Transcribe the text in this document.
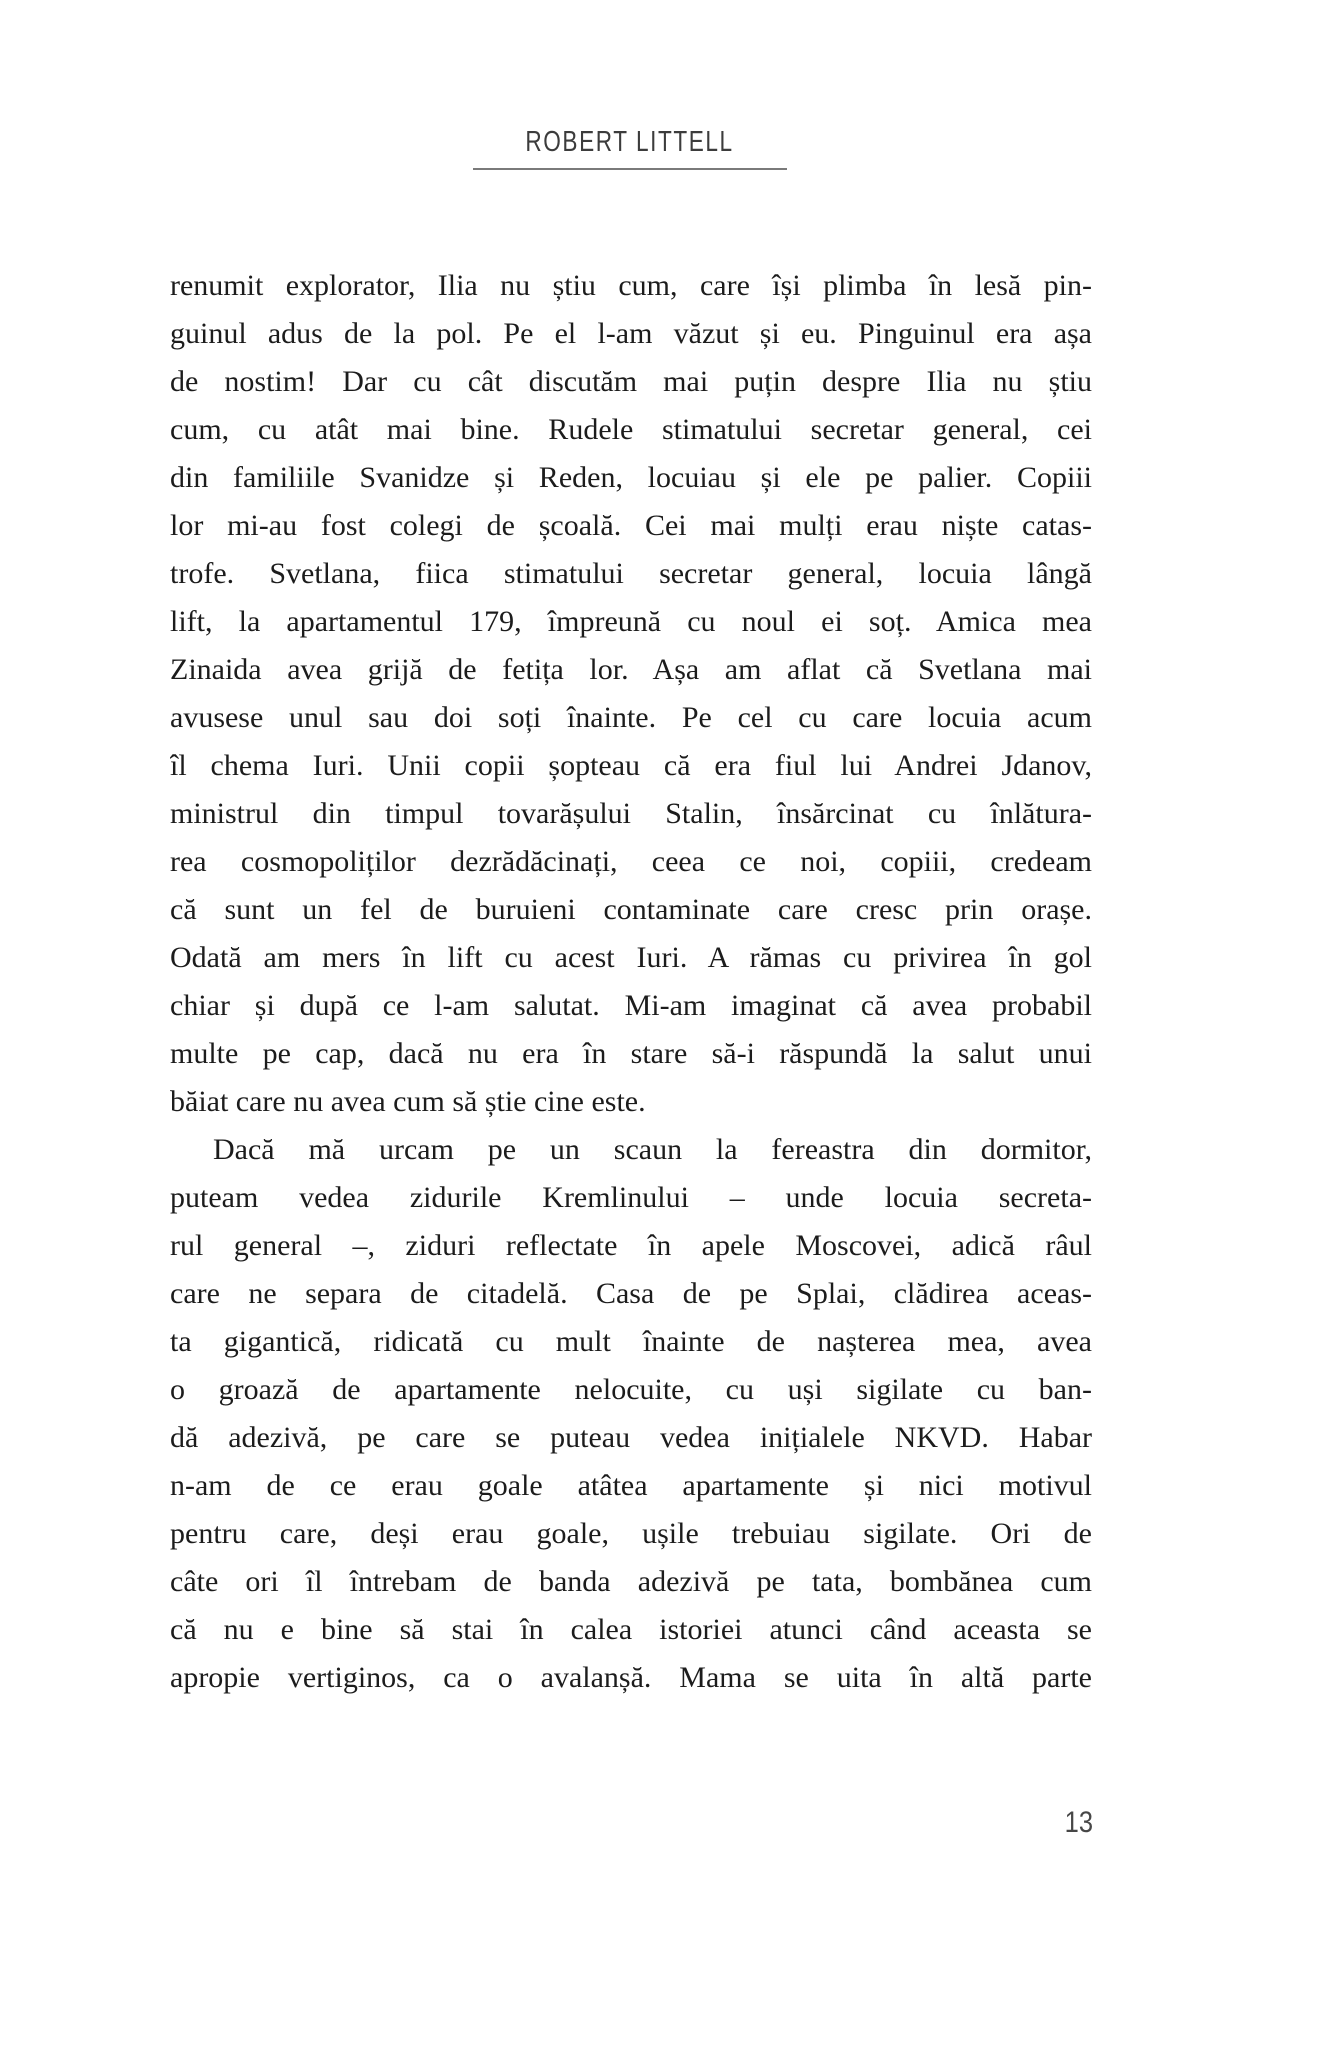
ROBERT LITTELL
renumit explorator, Ilia nu știu cum, care își plimba în lesă pin-
guinul adus de la pol. Pe el l-am văzut și eu. Pinguinul era așa
de nostim! Dar cu cât discutăm mai puțin despre Ilia nu știu
cum, cu atât mai bine. Rudele stimatului secretar general, cei
din familiile Svanidze și Reden, locuiau și ele pe palier. Copiii
lor mi-au fost colegi de școală. Cei mai mulți erau niște catas-
trofe. Svetlana, fiica stimatului secretar general, locuia lângă
lift, la apartamentul 179, împreună cu noul ei soț. Amica mea
Zinaida avea grijă de fetița lor. Așa am aflat că Svetlana mai
avusese unul sau doi soți înainte. Pe cel cu care locuia acum
îl chema Iuri. Unii copii șopteau că era fiul lui Andrei Jdanov,
ministrul din timpul tovarășului Stalin, însărcinat cu înlătura-
rea cosmopoliților dezrădăcinați, ceea ce noi, copiii, credeam
că sunt un fel de buruieni contaminate care cresc prin orașe.
Odată am mers în lift cu acest Iuri. A rămas cu privirea în gol
chiar și după ce l-am salutat. Mi-am imaginat că avea probabil
multe pe cap, dacă nu era în stare să-i răspundă la salut unui
băiat care nu avea cum să știe cine este.
Dacă mă urcam pe un scaun la fereastra din dormitor,
puteam vedea zidurile Kremlinului – unde locuia secreta-
rul general –, ziduri reflectate în apele Moscovei, adică râul
care ne separa de citadelă. Casa de pe Splai, clădirea aceas-
ta gigantică, ridicată cu mult înainte de nașterea mea, avea
o groază de apartamente nelocuite, cu uși sigilate cu ban-
dă adezivă, pe care se puteau vedea inițialele NKVD. Habar
n-am de ce erau goale atâtea apartamente și nici motivul
pentru care, deși erau goale, ușile trebuiau sigilate. Ori de
câte ori îl întrebam de banda adezivă pe tata, bombănea cum
că nu e bine să stai în calea istoriei atunci când aceasta se
apropie vertiginos, ca o avalanșă. Mama se uita în altă parte
13
